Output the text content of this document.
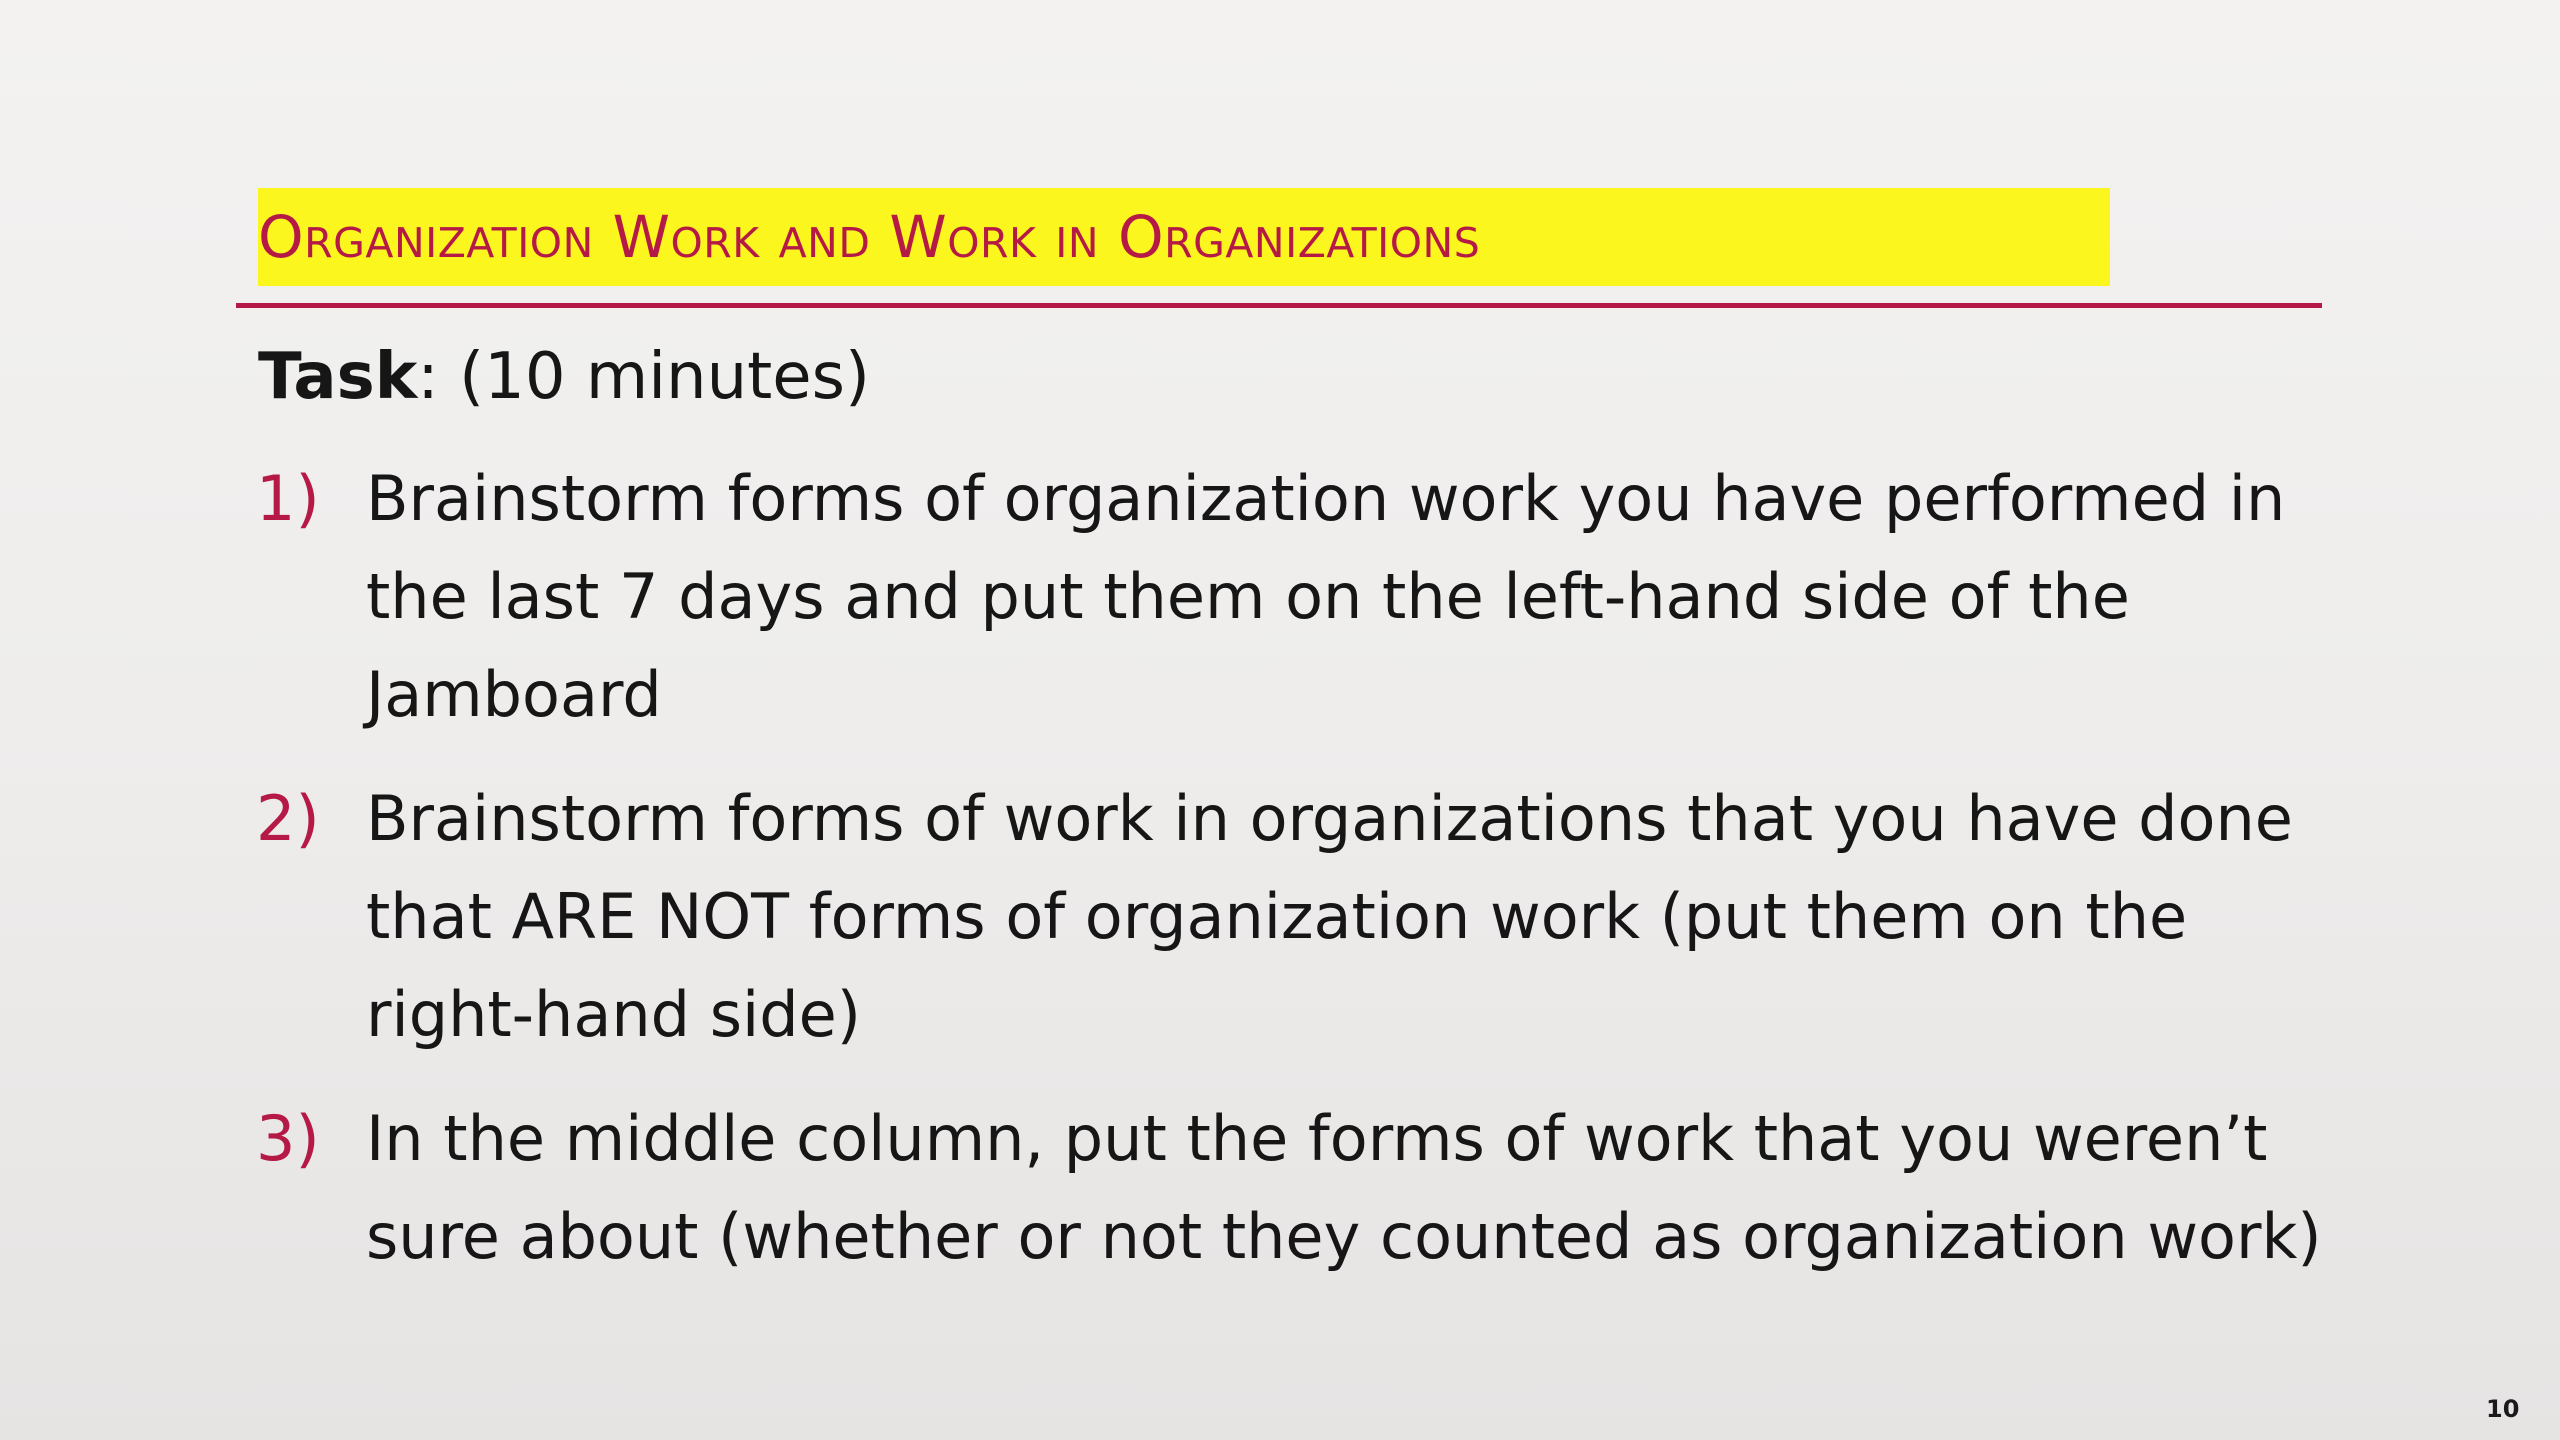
Organization Work and Work in Organizations
Task: (10 minutes)
1) Brainstorm forms of organization work you have performed in the last 7 days and put them on the left-hand side of the Jamboard
2) Brainstorm forms of work in organizations that you have done that ARE NOT forms of organization work (put them on the right-hand side)
3) In the middle column, put the forms of work that you weren’t sure about (whether or not they counted as organization work)
10
